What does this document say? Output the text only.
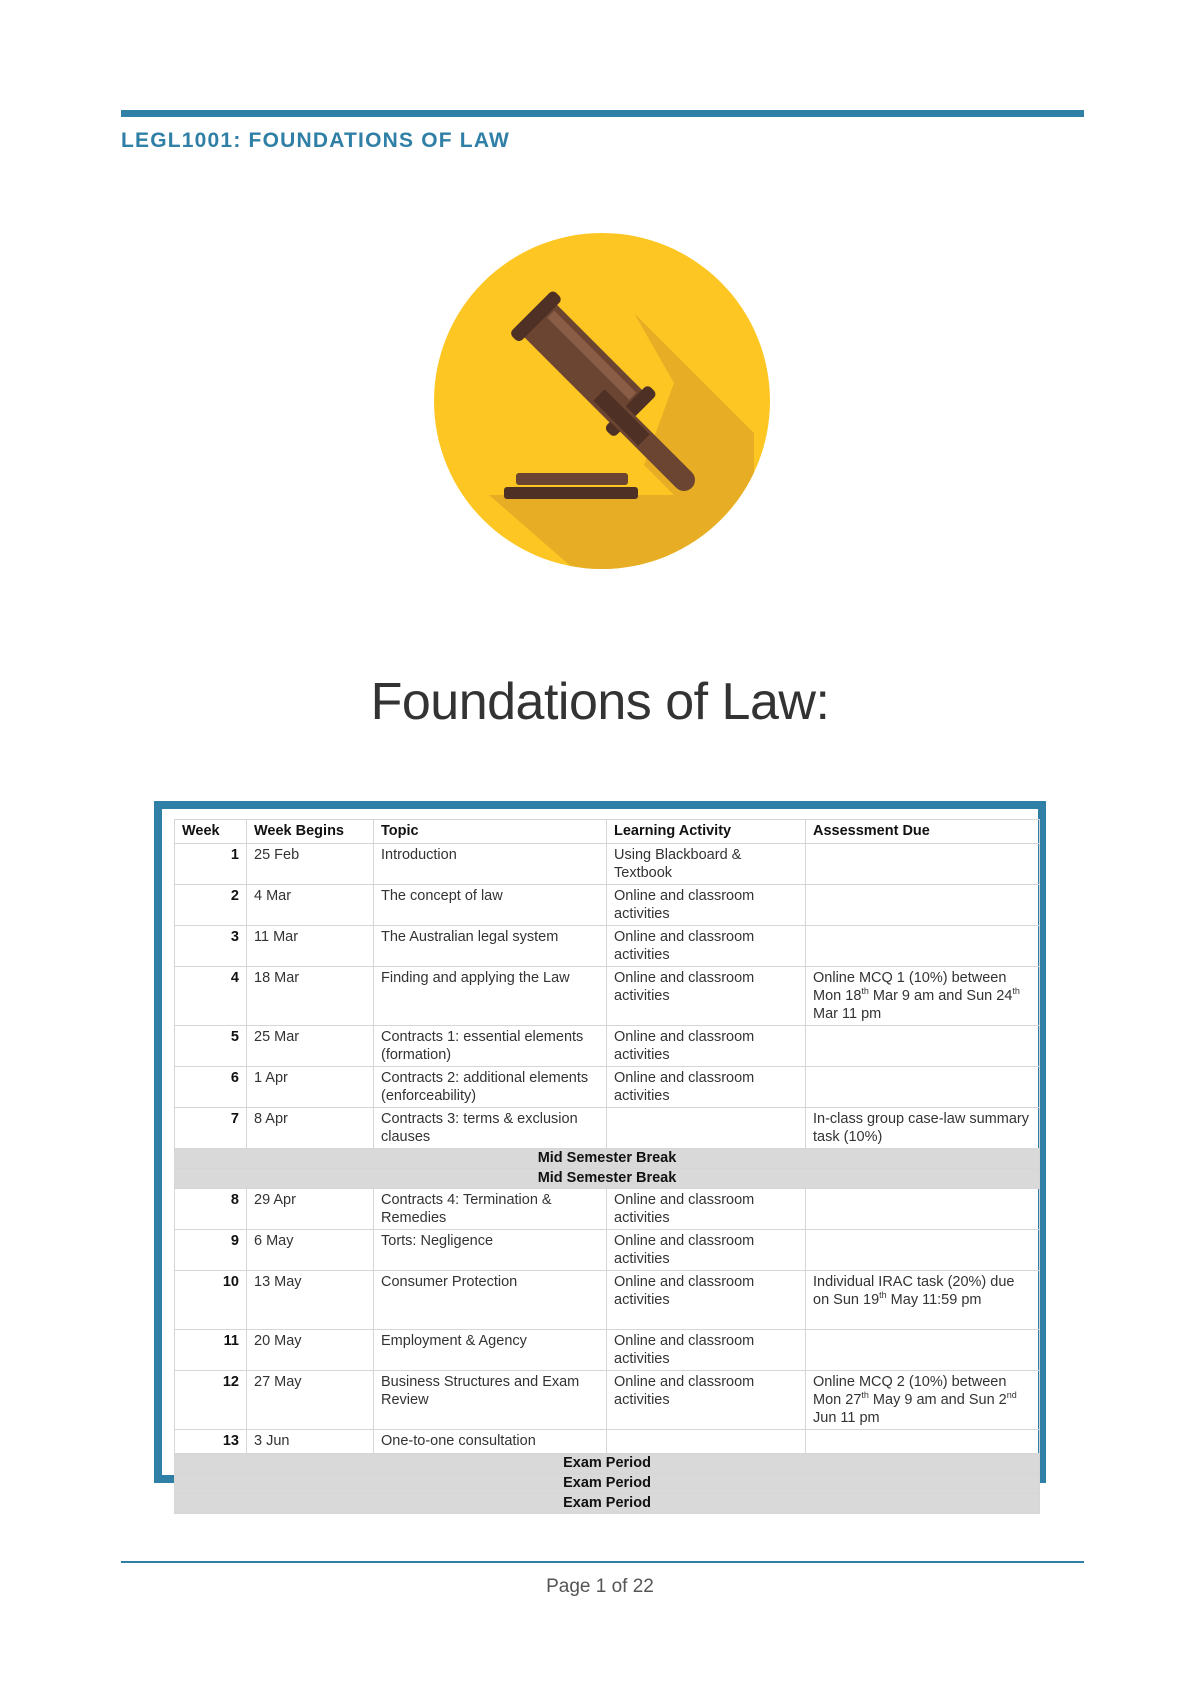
LEGL1001: FOUNDATIONS OF LAW
Foundations of Law:
Week	Week Begins	Topic	Learning Activity	Assessment Due
1	25 Feb	Introduction	Using Blackboard & Textbook	
2	4 Mar	The concept of law	Online and classroom activities	
3	11 Mar	The Australian legal system	Online and classroom activities	
4	18 Mar	Finding and applying the Law	Online and classroom activities	Online MCQ 1 (10%) between Mon 18th Mar 9 am and Sun 24th Mar 11 pm
5	25 Mar	Contracts 1: essential elements (formation)	Online and classroom activities	
6	1 Apr	Contracts 2: additional elements (enforceability)	Online and classroom activities	
7	8 Apr	Contracts 3: terms & exclusion clauses		In-class group case-law summary task (10%)
Mid Semester Break				
Mid Semester Break				
8	29 Apr	Contracts 4: Termination & Remedies	Online and classroom activities	
9	6 May	Torts: Negligence	Online and classroom activities	
10	13 May	Consumer Protection	Online and classroom activities	Individual IRAC task (20%) due on Sun 19th May 11:59 pm
11	20 May	Employment & Agency	Online and classroom activities	
12	27 May	Business Structures and Exam Review	Online and classroom activities	Online MCQ 2 (10%) between Mon 27th May 9 am and Sun 2nd Jun 11 pm
13	3 Jun	One-to-one consultation		
Exam Period				
Exam Period				
Exam Period				
Page 1 of 22
